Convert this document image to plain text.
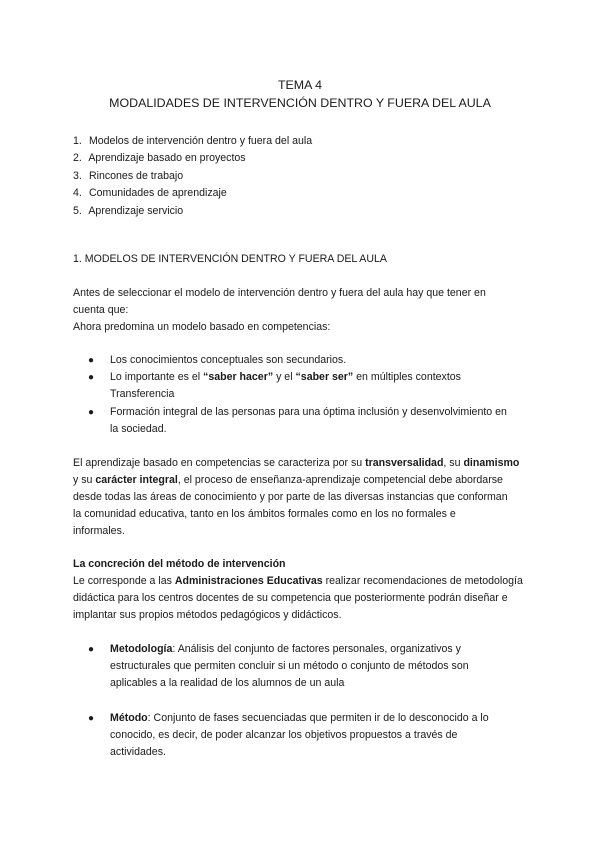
TEMA 4
MODALIDADES DE INTERVENCIÓN DENTRO Y FUERA DEL AULA
1. Modelos de intervención dentro y fuera del aula
2. Aprendizaje basado en proyectos
3. Rincones de trabajo
4. Comunidades de aprendizaje
5. Aprendizaje servicio

1. MODELOS DE INTERVENCIÓN DENTRO Y FUERA DEL AULA

Antes de seleccionar el modelo de intervención dentro y fuera del aula hay que tener en
cuenta que:
Ahora predomina un modelo basado en competencias:

● Los conocimientos conceptuales son secundarios.
● Lo importante es el “saber hacer” y el “saber ser” en múltiples contextos
Transferencia
● Formación integral de las personas para una óptima inclusión y desenvolvimiento en
la sociedad.

El aprendizaje basado en competencias se caracteriza por su transversalidad, su dinamismo
y su carácter integral, el proceso de enseñanza-aprendizaje competencial debe abordarse
desde todas las áreas de conocimiento y por parte de las diversas instancias que conforman
la comunidad educativa, tanto en los ámbitos formales como en los no formales e
informales.

La concreción del método de intervención

Le corresponde a las Administraciones Educativas realizar recomendaciones de metodología
didáctica para los centros docentes de su competencia que posteriormente podrán diseñar e
implantar sus propios métodos pedagógicos y didácticos.

● Metodología: Análisis del conjunto de factores personales, organizativos y
estructurales que permiten concluir si un método o conjunto de métodos son
aplicables a la realidad de los alumnos de un aula
● Método: Conjunto de fases secuenciadas que permiten ir de lo desconocido a lo
conocido, es decir, de poder alcanzar los objetivos propuestos a través de
actividades.
